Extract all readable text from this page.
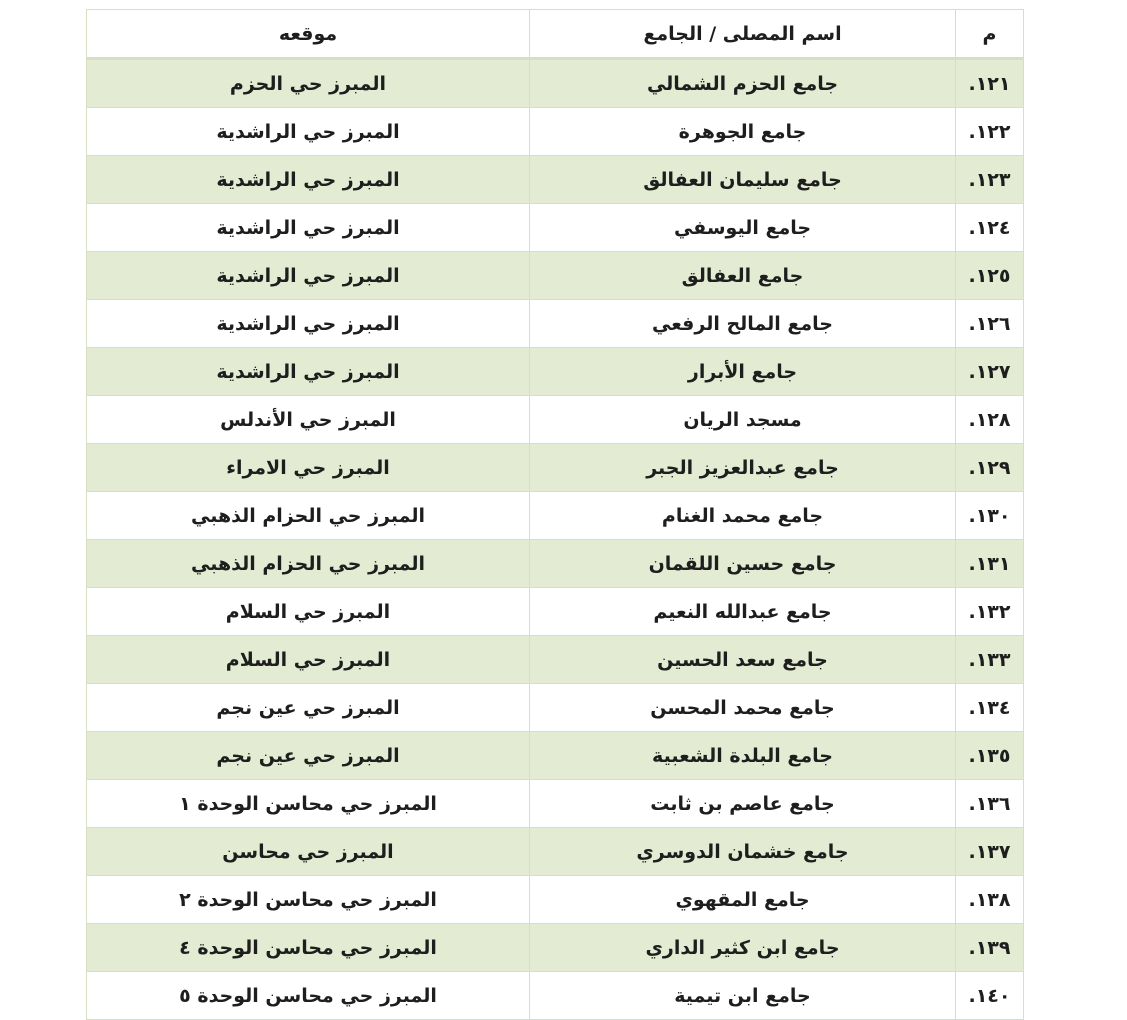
م	اسم المصلى / الجامع	موقعه
١٢١.	جامع الحزم الشمالي	المبرز حي الحزم
١٢٢.	جامع الجوهرة	المبرز حي الراشدية
١٢٣.	جامع سليمان العفالق	المبرز حي الراشدية
١٢٤.	جامع اليوسفي	المبرز حي الراشدية
١٢٥.	جامع العفالق	المبرز حي الراشدية
١٢٦.	جامع المالح الرفعي	المبرز حي الراشدية
١٢٧.	جامع الأبرار	المبرز حي الراشدية
١٢٨.	مسجد الريان	المبرز حي الأندلس
١٢٩.	جامع عبدالعزيز الجبر	المبرز حي الامراء
١٣٠.	جامع محمد الغنام	المبرز حي الحزام الذهبي
١٣١.	جامع حسين اللقمان	المبرز حي الحزام الذهبي
١٣٢.	جامع عبدالله النعيم	المبرز حي السلام
١٣٣.	جامع سعد الحسين	المبرز حي السلام
١٣٤.	جامع محمد المحسن	المبرز حي عين نجم
١٣٥.	جامع البلدة الشعبية	المبرز حي عين نجم
١٣٦.	جامع عاصم بن ثابت	المبرز حي محاسن الوحدة ١
١٣٧.	جامع خشمان الدوسري	المبرز حي محاسن
١٣٨.	جامع المقهوي	المبرز حي محاسن الوحدة ٢
١٣٩.	جامع ابن كثير الداري	المبرز حي محاسن الوحدة ٤
١٤٠.	جامع ابن تيمية	المبرز حي محاسن الوحدة ٥
